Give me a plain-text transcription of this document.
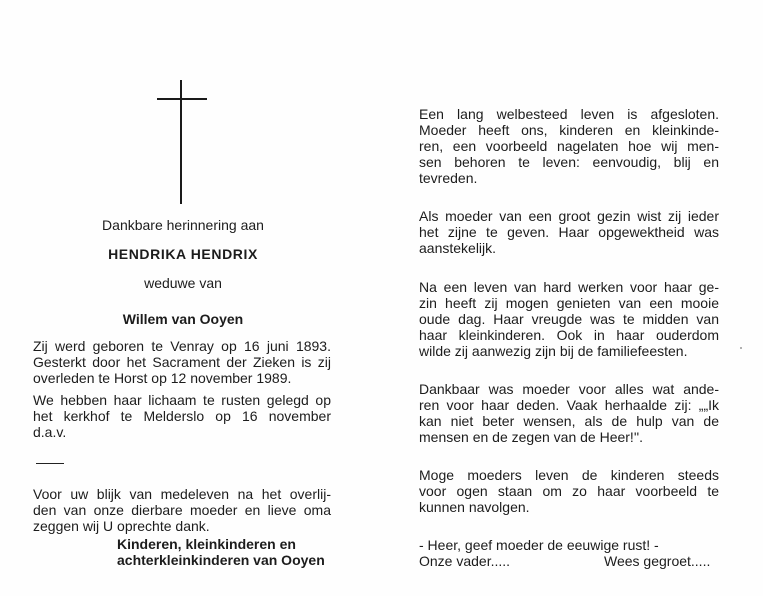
Dankbare herinnering aan
HENDRIKA HENDRIX
weduwe van
Willem van Ooyen
Zij werd geboren te Venray op 16 juni 1893.
Gesterkt door het Sacrament der Zieken is zij
overleden te Horst op 12 november 1989.
We hebben haar lichaam te rusten gelegd op
het kerkhof te Melderslo op 16 november
d.a.v.
Voor uw blijk van medeleven na het overlij-
den van onze dierbare moeder en lieve oma
zeggen wij U oprechte dank.
Kinderen, kleinkinderen en
achterkleinkinderen van Ooyen
Een lang welbesteed leven is afgesloten.
Moeder heeft ons, kinderen en kleinkinde-
ren, een voorbeeld nagelaten hoe wij men-
sen behoren te leven: eenvoudig, blij en
tevreden.
Als moeder van een groot gezin wist zij ieder
het zijne te geven. Haar opgewektheid was
aanstekelijk.
Na een leven van hard werken voor haar ge-
zin heeft zij mogen genieten van een mooie
oude dag. Haar vreugde was te midden van
haar kleinkinderen. Ook in haar ouderdom
wilde zij aanwezig zijn bij de familiefeesten.
Dankbaar was moeder voor alles wat ande-
ren voor haar deden. Vaak herhaalde zij: „„Ik
kan niet beter wensen, als de hulp van de
mensen en de zegen van de Heer!''.
Moge moeders leven de kinderen steeds
voor ogen staan om zo haar voorbeeld te
kunnen navolgen.
- Heer, geef moeder de eeuwige rust! -
Onze vader.....	Wees gegroet.....
